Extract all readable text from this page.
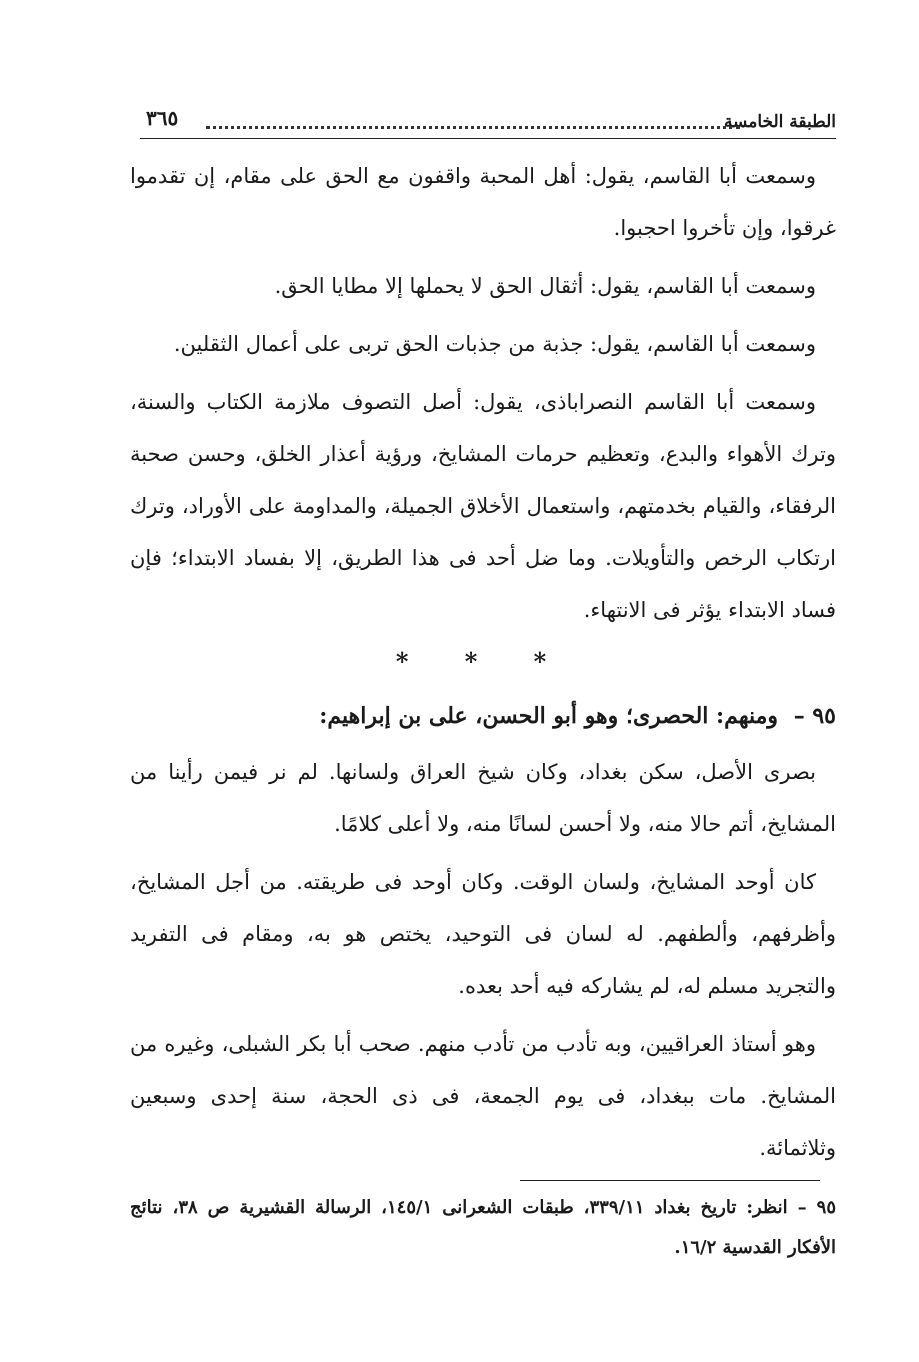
الطبقة الخامسة
٣٦٥

وسمعت أبا القاسم، يقول: أهل المحبة واقفون مع الحق على مقام، إن تقدموا غرقوا، وإن تأخروا احجبوا.

وسمعت أبا القاسم، يقول: أثقال الحق لا يحملها إلا مطايا الحق.

وسمعت أبا القاسم، يقول: جذبة من جذبات الحق تربى على أعمال الثقلين.

وسمعت أبا القاسم النصراباذى، يقول: أصل التصوف ملازمة الكتاب والسنة، وترك الأهواء والبدع، وتعظيم حرمات المشايخ، ورؤية أعذار الخلق، وحسن صحبة الرفقاء، والقيام بخدمتهم، واستعمال الأخلاق الجميلة، والمداومة على الأوراد، وترك ارتكاب الرخص والتأويلات. وما ضل أحد فى هذا الطريق، إلا بفساد الابتداء؛ فإن فساد الابتداء يؤثر فى الانتهاء.

* * *
٩٥ – ومنهم: الحصرى؛ وهو أبو الحسن، على بن إبراهيم:

بصرى الأصل، سكن بغداد، وكان شيخ العراق ولسانها. لم نر فيمن رأينا من المشايخ، أتم حالا منه، ولا أحسن لسانًا منه، ولا أعلى كلامًا.

كان أوحد المشايخ، ولسان الوقت. وكان أوحد فى طريقته. من أجل المشايخ، وأظرفهم، وألطفهم. له لسان فى التوحيد، يختص هو به، ومقام فى التفريد والتجريد مسلم له، لم يشاركه فيه أحد بعده.

وهو أستاذ العراقيين، وبه تأدب من تأدب منهم. صحب أبا بكر الشبلى، وغيره من المشايخ. مات ببغداد، فى يوم الجمعة، فى ذى الحجة، سنة إحدى وسبعين وثلاثمائة.

٩٥ – انظر: تاريخ بغداد ٣٣٩/١١، طبقات الشعرانى ١٤٥/١، الرسالة القشيرية ص ٣٨، نتائج الأفكار القدسية ١٦/٢.
